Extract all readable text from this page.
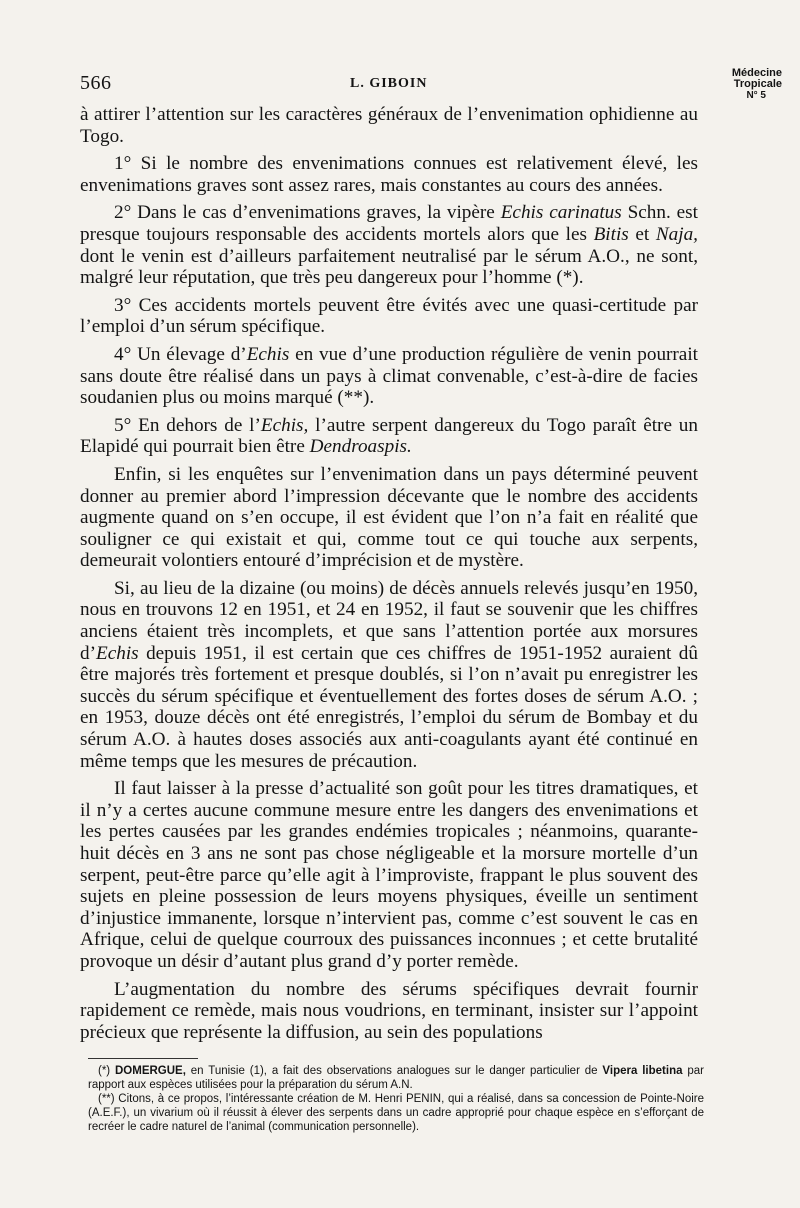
566	L. GIBOIN
Médecine
Tropicale
N° 5

à attirer l’attention sur les caractères généraux de l’envenimation ophidienne au Togo.

1° Si le nombre des envenimations connues est relativement élevé, les envenimations graves sont assez rares, mais constantes au cours des années.

2° Dans le cas d’envenimations graves, la vipère Echis carinatus Schn. est presque toujours responsable des accidents mortels alors que les Bitis et Naja, dont le venin est d’ailleurs parfaitement neutralisé par le sérum A.O., ne sont, malgré leur réputation, que très peu dangereux pour l’homme (*).

3° Ces accidents mortels peuvent être évités avec une quasi-certitude par l’emploi d’un sérum spécifique.

4° Un élevage d’Echis en vue d’une production régulière de venin pourrait sans doute être réalisé dans un pays à climat convenable, c’est-à-dire de facies soudanien plus ou moins marqué (**).

5° En dehors de l’Echis, l’autre serpent dangereux du Togo paraît être un Elapidé qui pourrait bien être Dendroaspis.

Enfin, si les enquêtes sur l’envenimation dans un pays déterminé peuvent donner au premier abord l’impression décevante que le nombre des accidents augmente quand on s’en occupe, il est évident que l’on n’a fait en réalité que souligner ce qui existait et qui, comme tout ce qui touche aux serpents, demeurait volontiers entouré d’imprécision et de mystère.

Si, au lieu de la dizaine (ou moins) de décès annuels relevés jusqu’en 1950, nous en trouvons 12 en 1951, et 24 en 1952, il faut se souvenir que les chiffres anciens étaient très incomplets, et que sans l’attention portée aux morsures d’Echis depuis 1951, il est certain que ces chiffres de 1951-1952 auraient dû être majorés très fortement et presque doublés, si l’on n’avait pu enregistrer les succès du sérum spécifique et éventuellement des fortes doses de sérum A.O. ; en 1953, douze décès ont été enregistrés, l’emploi du sérum de Bombay et du sérum A.O. à hautes doses associés aux anti-coagulants ayant été continué en même temps que les mesures de précaution.

Il faut laisser à la presse d’actualité son goût pour les titres dramatiques, et il n’y a certes aucune commune mesure entre les dangers des envenimations et les pertes causées par les grandes endémies tropicales ; néanmoins, quarante-huit décès en 3 ans ne sont pas chose négligeable et la morsure mortelle d’un serpent, peut-être parce qu’elle agit à l’improviste, frappant le plus souvent des sujets en pleine possession de leurs moyens physiques, éveille un sentiment d’injustice immanente, lorsque n’intervient pas, comme c’est souvent le cas en Afrique, celui de quelque courroux des puissances inconnues ; et cette brutalité provoque un désir d’autant plus grand d’y porter remède.

L’augmentation du nombre des sérums spécifiques devrait fournir rapidement ce remède, mais nous voudrions, en terminant, insister sur l’appoint précieux que représente la diffusion, au sein des populations

(*) DOMERGUE, en Tunisie (1), a fait des observations analogues sur le danger particulier de Vipera libetina par rapport aux espèces utilisées pour la préparation du sérum A.N.

(**) Citons, à ce propos, l’intéressante création de M. Henri PENIN, qui a réalisé, dans sa concession de Pointe-Noire (A.E.F.), un vivarium où il réussit à élever des serpents dans un cadre approprié pour chaque espèce en s’efforçant de recréer le cadre naturel de l’animal (communication personnelle).
